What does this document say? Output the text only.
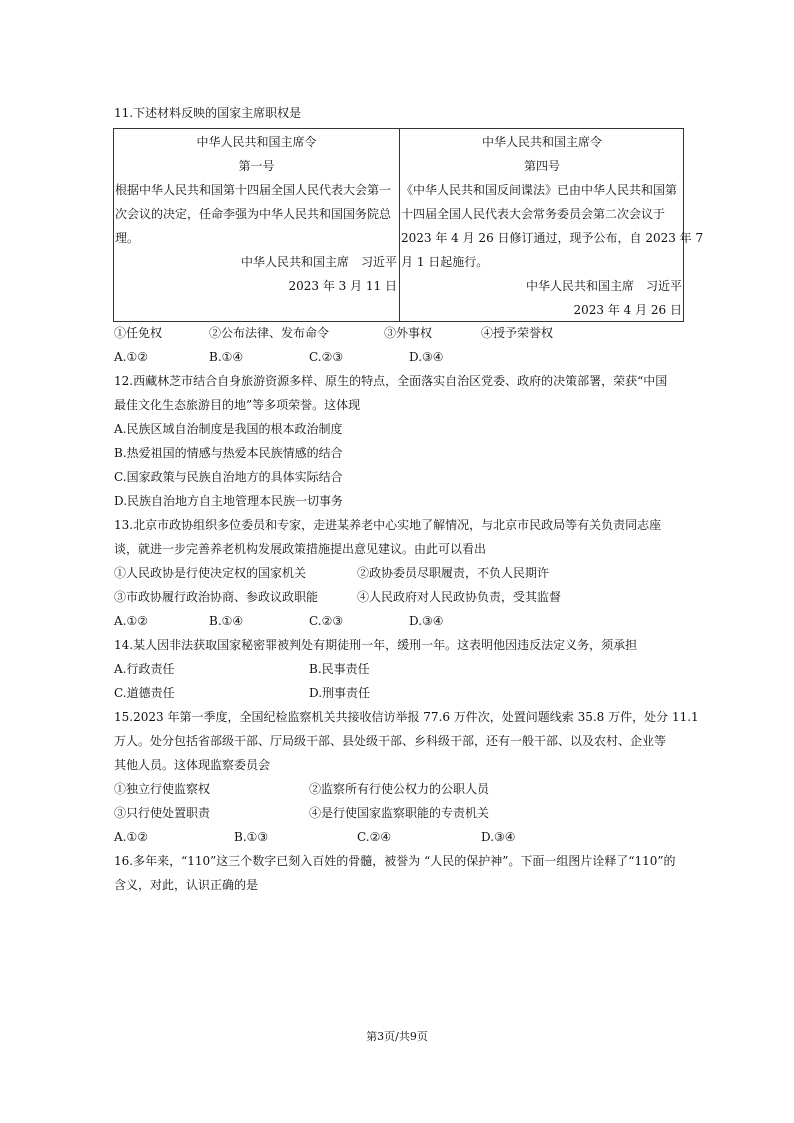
11.下述材料反映的国家主席职权是
中华人民共和国主席令
第一号
根据中华人民共和国第十四届全国人民代表大会第一
次会议的决定，任命李强为中华人民共和国国务院总
理。
中华人民共和国主席　习近平
2023 年 3 月 11 日
中华人民共和国主席令
第四号
《中华人民共和国反间谍法》已由中华人民共和国第
十四届全国人民代表大会常务委员会第二次会议于
2023 年 4 月 26 日修订通过，现予公布，自 2023 年 7
月 1 日起施行。
中华人民共和国主席　习近平
2023 年 4 月 26 日
①任免权	②公布法律、发布命令	③外事权	④授予荣誉权
A.①②	B.①④	C.②③	D.③④
12.西藏林芝市结合自身旅游资源多样、原生的特点，全面落实自治区党委、政府的决策部署，荣获“中国
最佳文化生态旅游目的地”等多项荣誉。这体现
A.民族区域自治制度是我国的根本政治制度
B.热爱祖国的情感与热爱本民族情感的结合
C.国家政策与民族自治地方的具体实际结合
D.民族自治地方自主地管理本民族一切事务
13.北京市政协组织多位委员和专家，走进某养老中心实地了解情况，与北京市民政局等有关负责同志座
谈，就进一步完善养老机构发展政策措施提出意见建议。由此可以看出
①人民政协是行使决定权的国家机关	②政协委员尽职履责，不负人民期许
③市政协履行政治协商、参政议政职能	④人民政府对人民政协负责，受其监督
A.①②	B.①④	C.②③	D.③④
14.某人因非法获取国家秘密罪被判处有期徒刑一年，缓刑一年。这表明他因违反法定义务，须承担
A.行政责任	B.民事责任
C.道德责任	D.刑事责任
15.2023 年第一季度，全国纪检监察机关共接收信访举报 77.6 万件次，处置问题线索 35.8 万件，处分 11.1
万人。处分包括省部级干部、厅局级干部、县处级干部、乡科级干部，还有一般干部、以及农村、企业等
其他人员。这体现监察委员会
①独立行使监察权	②监察所有行使公权力的公职人员
③只行使处置职责	④是行使国家监察职能的专责机关
A.①②	B.①③	C.②④	D.③④
16.多年来，“110”这三个数字已刻入百姓的骨髓，被誉为 “人民的保护神”。下面一组图片诠释了“110”的
含义，对此，认识正确的是
第3页/共9页
